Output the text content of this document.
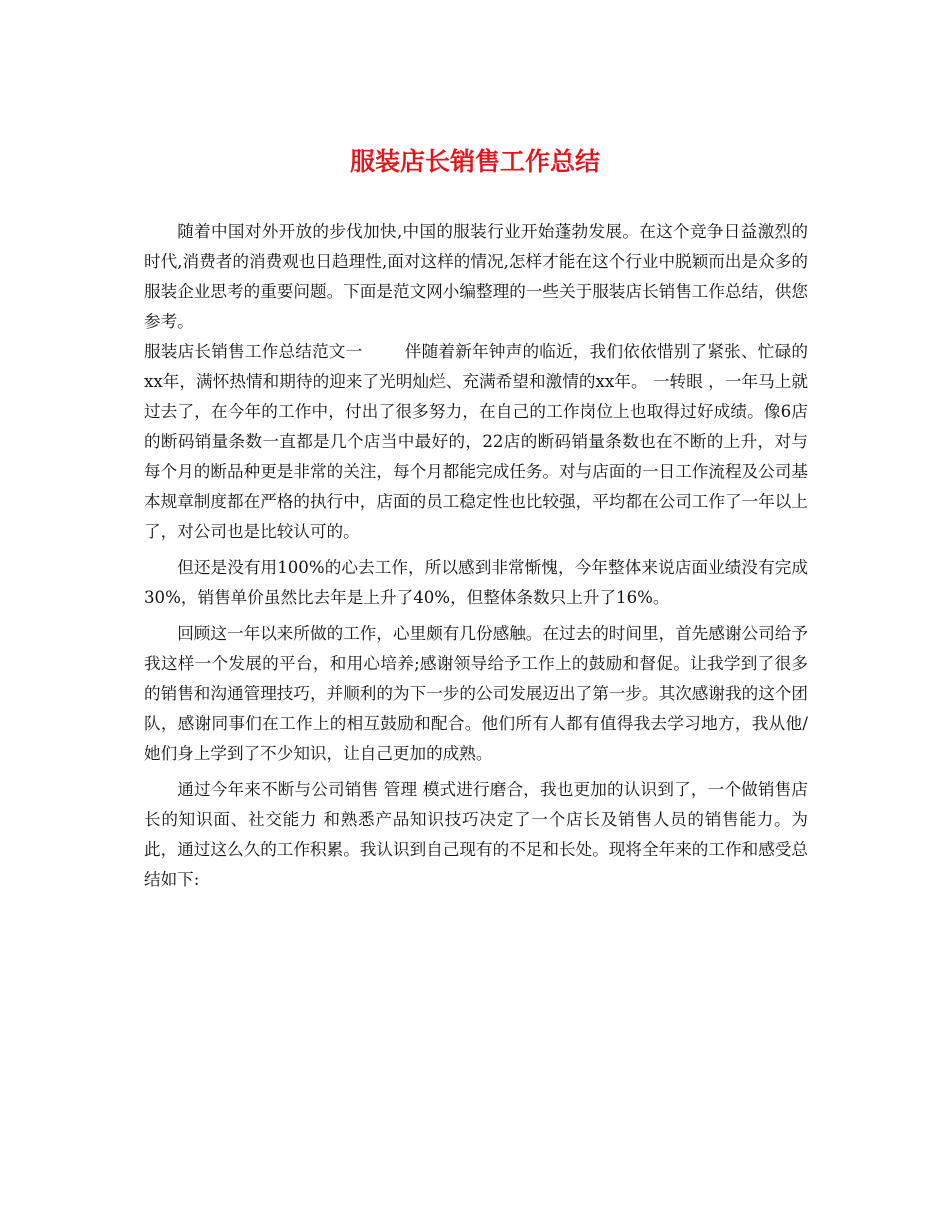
服装店长销售工作总结

随着中国对外开放的步伐加快,中国的服装行业开始蓬勃发展。在这个竞争日益激烈的时代,消费者的消费观也日趋理性,面对这样的情况,怎样才能在这个行业中脱颖而出是众多的服装企业思考的重要问题。下面是范文网小编整理的一些关于服装店长销售工作总结，供您参考。

服装店长销售工作总结范文一	伴随着新年钟声的临近，我们依依惜别了紧张、忙碌的xx年，满怀热情和期待的迎来了光明灿烂、充满希望和激情的xx年。 一转眼 ，一年马上就过去了，在今年的工作中，付出了很多努力，在自己的工作岗位上也取得过好成绩。像6店的断码销量条数一直都是几个店当中最好的，22店的断码销量条数也在不断的上升，对与每个月的断品种更是非常的关注，每个月都能完成任务。对与店面的一日工作流程及公司基本规章制度都在严格的执行中，店面的员工稳定性也比较强，平均都在公司工作了一年以上了，对公司也是比较认可的。

但还是没有用100%的心去工作，所以感到非常惭愧，今年整体来说店面业绩没有完成30%，销售单价虽然比去年是上升了40%，但整体条数只上升了16%。

回顾这一年以来所做的工作，心里颇有几份感触。在过去的时间里，首先感谢公司给予我这样一个发展的平台，和用心培养;感谢领导给予工作上的鼓励和督促。让我学到了很多的销售和沟通管理技巧，并顺利的为下一步的公司发展迈出了第一步。其次感谢我的这个团队，感谢同事们在工作上的相互鼓励和配合。他们所有人都有值得我去学习地方，我从他/她们身上学到了不少知识，让自己更加的成熟。

通过今年来不断与公司销售 管理 模式进行磨合，我也更加的认识到了，一个做销售店长的知识面、社交能力 和熟悉产品知识技巧决定了一个店长及销售人员的销售能力。为此，通过这么久的工作积累。我认识到自己现有的不足和长处。现将全年来的工作和感受总结如下:
